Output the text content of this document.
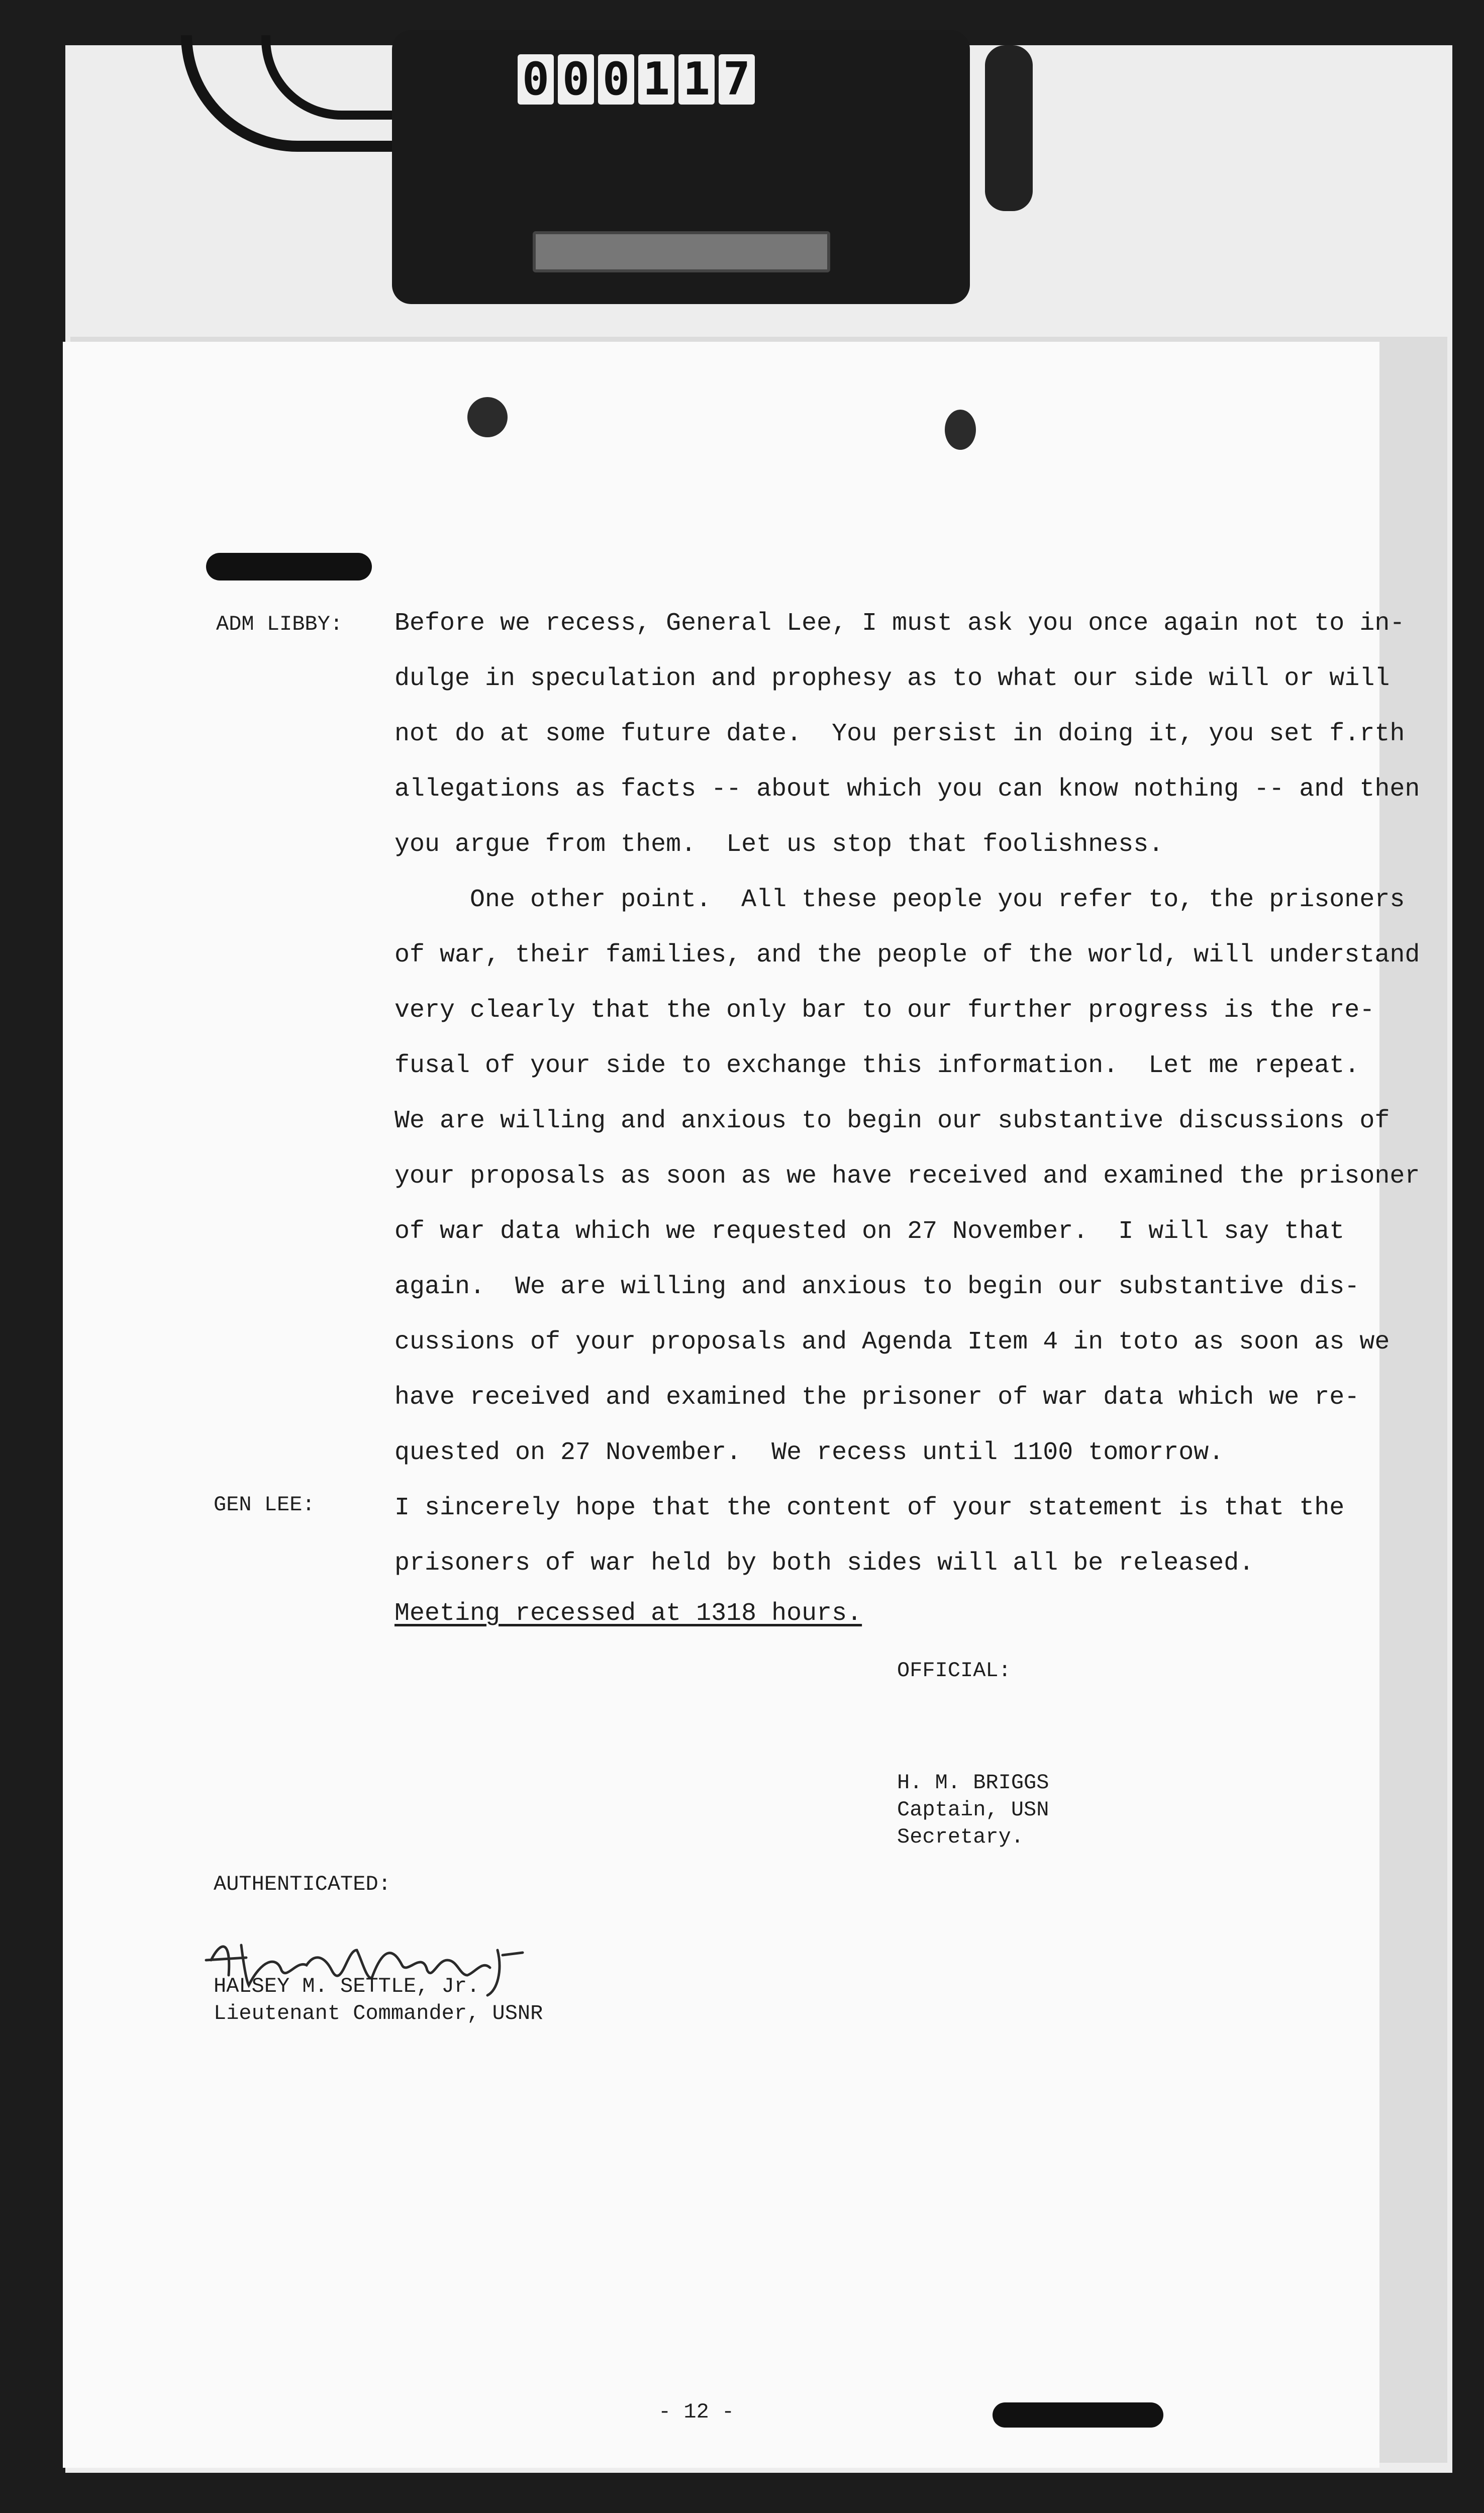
0 0 0 1 1 7
ADM LIBBY:
GEN LEE:
Before we recess, General Lee, I must ask you once again not to in-
dulge in speculation and prophesy as to what our side will or will
not do at some future date.  You persist in doing it, you set f.rth
allegations as facts -- about which you can know nothing -- and then
you argue from them.  Let us stop that foolishness.
One other point.  All these people you refer to, the prisoners
of war, their families, and the people of the world, will understand
very clearly that the only bar to our further progress is the re-
fusal of your side to exchange this information.  Let me repeat.
We are willing and anxious to begin our substantive discussions of
your proposals as soon as we have received and examined the prisoner
of war data which we requested on 27 November.  I will say that
again.  We are willing and anxious to begin our substantive dis-
cussions of your proposals and Agenda Item 4 in toto as soon as we
have received and examined the prisoner of war data which we re-
quested on 27 November.  We recess until 1100 tomorrow.
I sincerely hope that the content of your statement is that the
prisoners of war held by both sides will all be released.
Meeting recessed at 1318 hours.
OFFICIAL:
H. M. BRIGGS
Captain, USN
Secretary.
AUTHENTICATED:
HALSEY M. SETTLE, Jr.
Lieutenant Commander, USNR
- 12 -
